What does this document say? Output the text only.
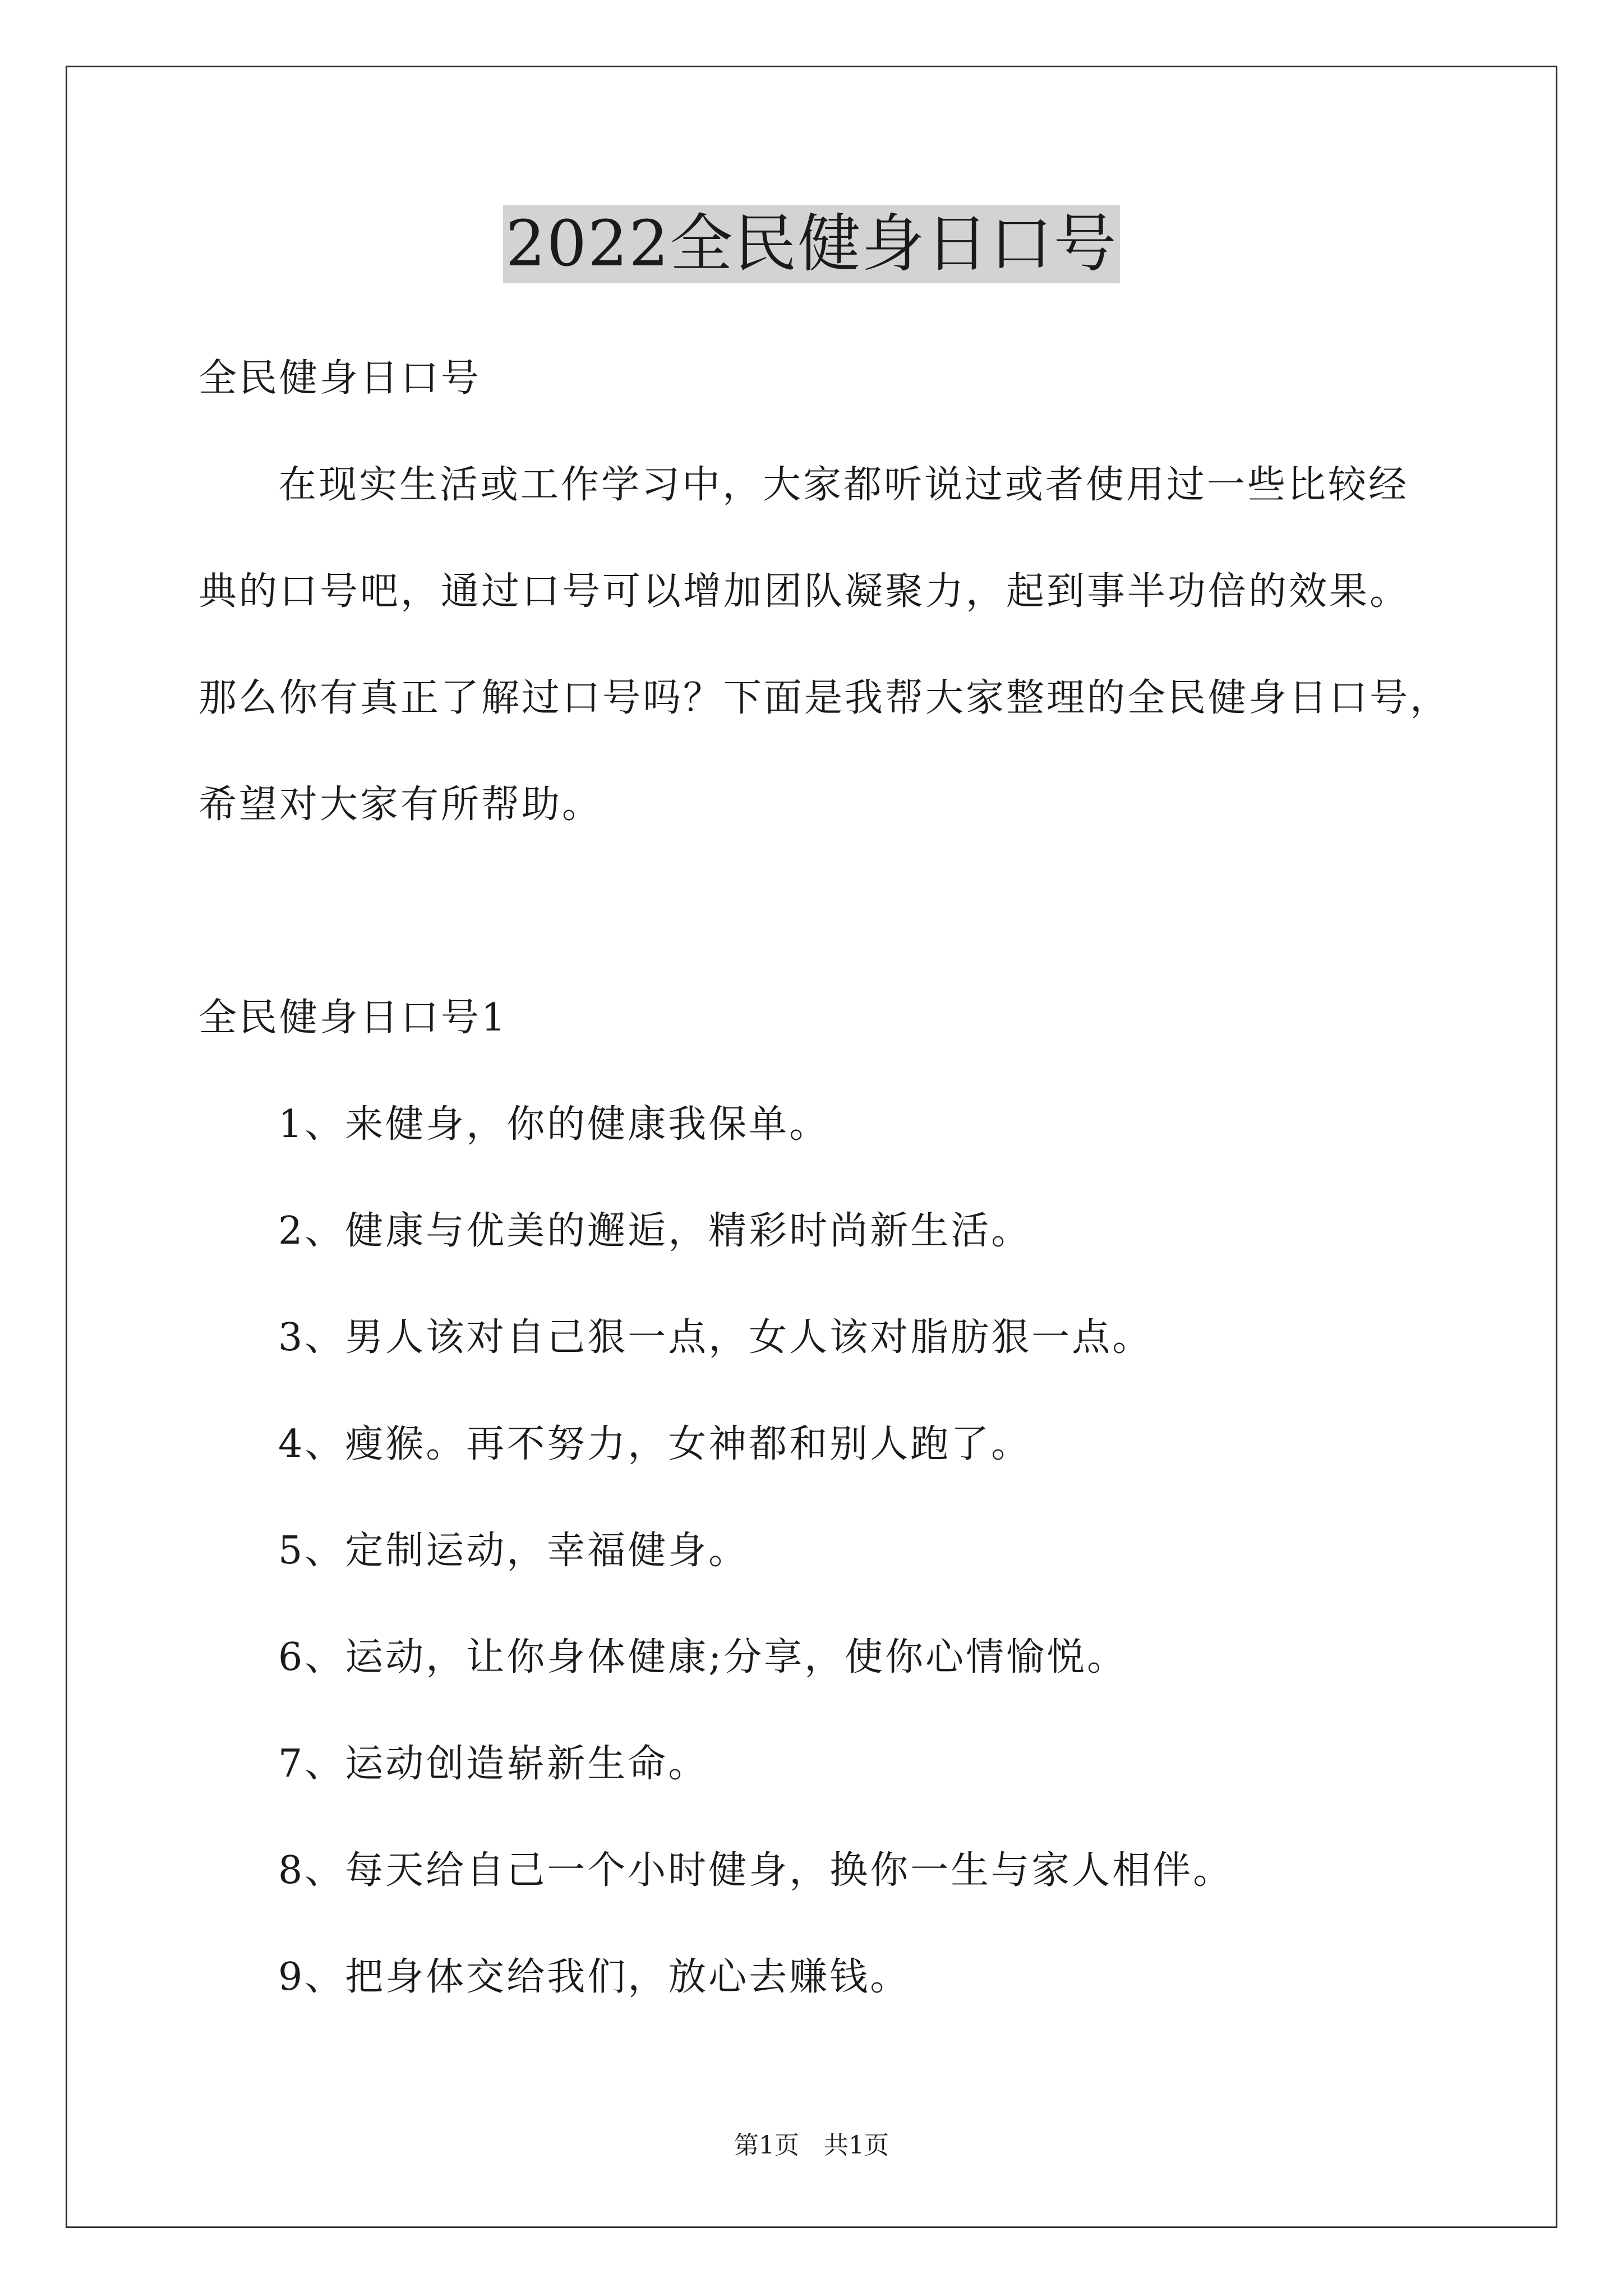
2022全民健身日口号
全民健身日口号
在现实生活或工作学习中，大家都听说过或者使用过一些比较经
典的口号吧，通过口号可以增加团队凝聚力，起到事半功倍的效果。
那么你有真正了解过口号吗？下面是我帮大家整理的全民健身日口号，
希望对大家有所帮助。
全民健身日口号1
1、来健身，你的健康我保单。
2、健康与优美的邂逅，精彩时尚新生活。
3、男人该对自己狠一点，女人该对脂肪狠一点。
4、瘦猴。再不努力，女神都和别人跑了。
5、定制运动，幸福健身。
6、运动，让你身体健康;分享，使你心情愉悦。
7、运动创造崭新生命。
8、每天给自己一个小时健身，换你一生与家人相伴。
9、把身体交给我们，放心去赚钱。
第1页　共1页
